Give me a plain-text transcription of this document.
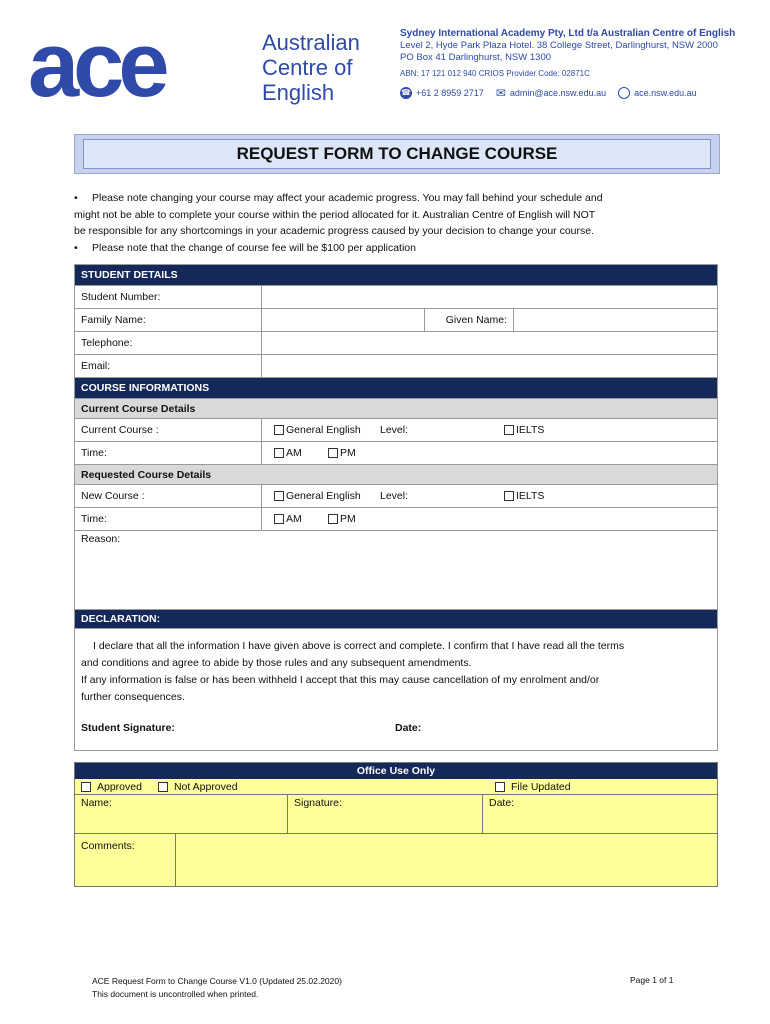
ace	Australian
Centre of
English
Sydney International Academy Pty, Ltd t/a Australian Centre of English
Level 2, Hyde Park Plaza Hotel. 38 College Street, Darlinghurst, NSW 2000
PO Box 41 Darlinghurst, NSW 1300
ABN: 17 121 012 940 CRIOS Provider Code: 02871C
☎ +61 2 8959 2717 ✉ admin@ace.nsw.edu.au	ace.nsw.edu.au
REQUEST FORM TO CHANGE COURSE
• Please note changing your course may affect your academic progress. You may fall behind your schedule and
might not be able to complete your course within the period allocated for it. Australian Centre of English will NOT
be responsible for any shortcomings in your academic progress caused by your decision to change your course.
• Please note that the change of course fee will be $100 per application
STUDENT DETAILS
Student Number:
Family Name:	Given Name:
Telephone:
Email:
COURSE INFORMATIONS
Current Course Details
Current Course :	General English Level:	IELTS
Time:	AM	PM
Requested Course Details
New Course :	General English Level:	IELTS
Time:	AM	PM
Reason:
DECLARATION:
I declare that all the information I have given above is correct and complete. I confirm that I have read all the terms
and conditions and agree to abide by those rules and any subsequent amendments.
If any information is false or has been withheld I accept that this may cause cancellation of my enrolment and/or
further consequences.
Student Signature:	Date:
Office Use Only
Approved	Not Approved	File Updated
Name:	Signature:	Date:
Comments:
ACE Request Form to Change Course V1.0 (Updated 25.02.2020)
This document is uncontrolled when printed.
Page 1 of 1
